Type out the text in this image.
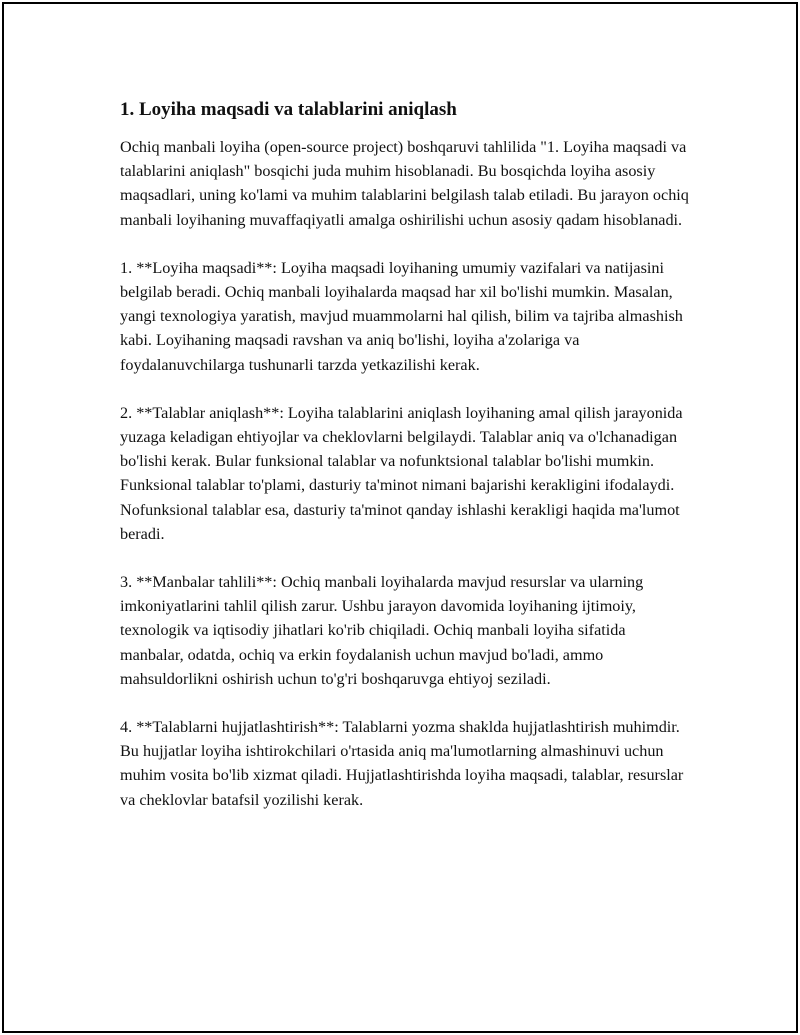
1. Loyiha maqsadi va talablarini aniqlash

Ochiq manbali loyiha (open-source project) boshqaruvi tahlilida "1. Loyiha maqsadi va talablarini aniqlash" bosqichi juda muhim hisoblanadi. Bu bosqichda loyiha asosiy maqsadlari, uning ko'lami va muhim talablarini belgilash talab etiladi. Bu jarayon ochiq manbali loyihaning muvaffaqiyatli amalga oshirilishi uchun asosiy qadam hisoblanadi.

1. **Loyiha maqsadi**: Loyiha maqsadi loyihaning umumiy vazifalari va natijasini belgilab beradi. Ochiq manbali loyihalarda maqsad har xil bo'lishi mumkin. Masalan, yangi texnologiya yaratish, mavjud muammolarni hal qilish, bilim va tajriba almashish kabi. Loyihaning maqsadi ravshan va aniq bo'lishi, loyiha a'zolariga va foydalanuvchilarga tushunarli tarzda yetkazilishi kerak.

2. **Talablar aniqlash**: Loyiha talablarini aniqlash loyihaning amal qilish jarayonida yuzaga keladigan ehtiyojlar va cheklovlarni belgilaydi. Talablar aniq va o'lchanadigan bo'lishi kerak. Bular funksional talablar va nofunktsional talablar bo'lishi mumkin. Funksional talablar to'plami, dasturiy ta'minot nimani bajarishi kerakligini ifodalaydi. Nofunksional talablar esa, dasturiy ta'minot qanday ishlashi kerakligi haqida ma'lumot beradi.

3. **Manbalar tahlili**: Ochiq manbali loyihalarda mavjud resurslar va ularning imkoniyatlarini tahlil qilish zarur. Ushbu jarayon davomida loyihaning ijtimoiy, texnologik va iqtisodiy jihatlari ko'rib chiqiladi. Ochiq manbali loyiha sifatida manbalar, odatda, ochiq va erkin foydalanish uchun mavjud bo'ladi, ammo mahsuldorlikni oshirish uchun to'g'ri boshqaruvga ehtiyoj seziladi.

4. **Talablarni hujjatlashtirish**: Talablarni yozma shaklda hujjatlashtirish muhimdir. Bu hujjatlar loyiha ishtirokchilari o'rtasida aniq ma'lumotlarning almashinuvi uchun muhim vosita bo'lib xizmat qiladi. Hujjatlashtirishda loyiha maqsadi, talablar, resurslar va cheklovlar batafsil yozilishi kerak.
